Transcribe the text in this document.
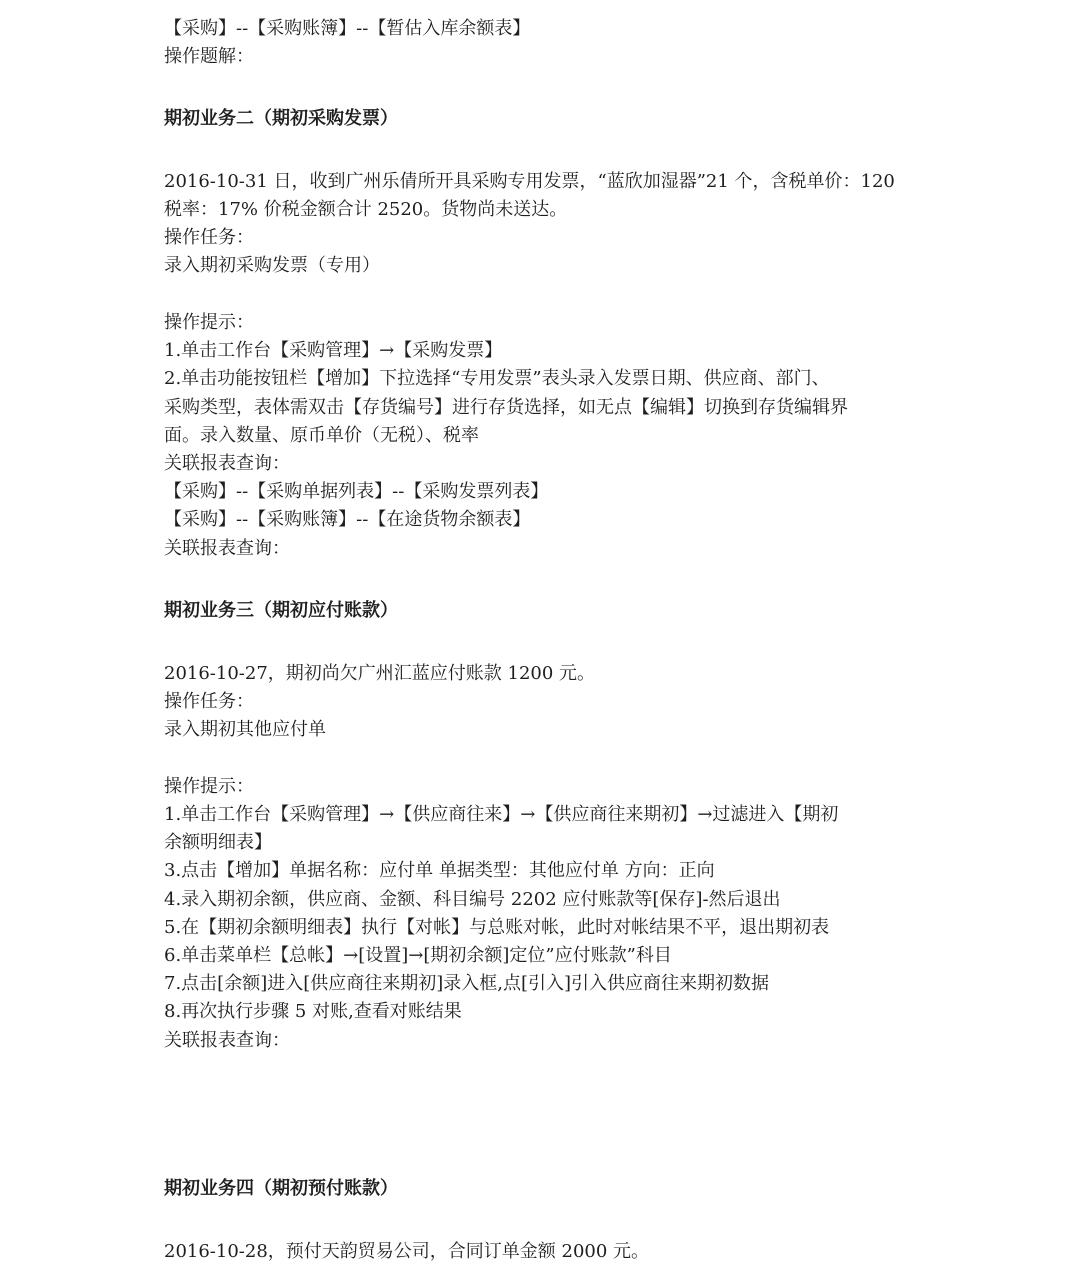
【采购】--【采购账簿】--【暂估入库余额表】

操作题解：

期初业务二（期初采购发票）

2016-10-31 日，收到广州乐倩所开具采购专用发票，“蓝欣加湿器”21 个，含税单价：120

税率：17% 价税金额合计 2520。货物尚未送达。

操作任务：

录入期初采购发票（专用）

操作提示：

1.单击工作台【采购管理】→【采购发票】

2.单击功能按钮栏【增加】下拉选择“专用发票”表头录入发票日期、供应商、部门、

采购类型，表体需双击【存货编号】进行存货选择，如无点【编辑】切换到存货编辑界

面。录入数量、原币单价（无税）、税率

关联报表查询：

【采购】--【采购单据列表】--【采购发票列表】

【采购】--【采购账簿】--【在途货物余额表】

关联报表查询：

期初业务三（期初应付账款）

2016-10-27，期初尚欠广州汇蓝应付账款 1200 元。

操作任务：

录入期初其他应付单

操作提示：

1.单击工作台【采购管理】→【供应商往来】→【供应商往来期初】→过滤进入【期初

余额明细表】

3.点击【增加】单据名称：应付单 单据类型：其他应付单 方向：正向

4.录入期初余额，供应商、金额、科目编号 2202 应付账款等[保存]-然后退出

5.在【期初余额明细表】执行【对帐】与总账对帐，此时对帐结果不平，退出期初表

6.单击菜单栏【总帐】→[设置]→[期初余额]定位”应付账款”科目

7.点击[余额]进入[供应商往来期初]录入框,点[引入]引入供应商往来期初数据

8.再次执行步骤 5 对账,查看对账结果

关联报表查询：

期初业务四（期初预付账款）

2016-10-28，预付天韵贸易公司，合同订单金额 2000 元。
